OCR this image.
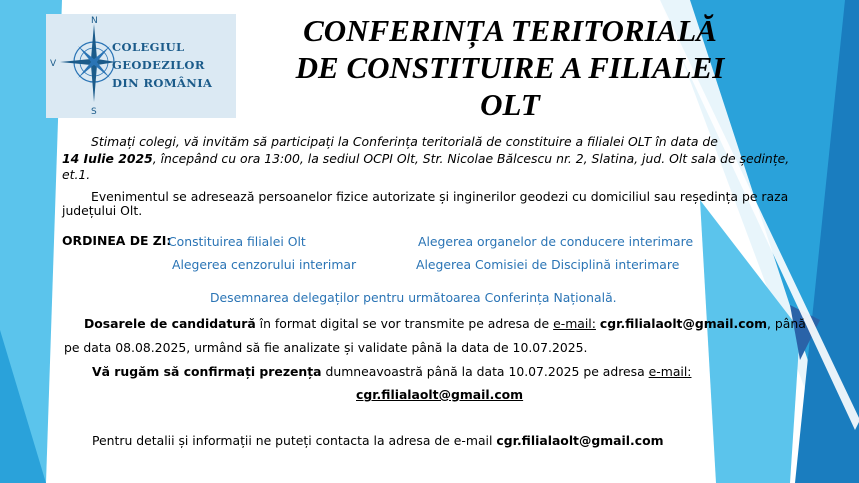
N
V
S
COLEGIUL
GEODEZILOR
DIN ROMÂNIA
CONFERINȚA TERITORIALĂ
DE CONSTITUIRE A FILIALEI
OLT
Stimați colegi, vă invităm să participați la Conferința teritorială de constituire a filialei OLT în data de
14 Iulie 2025, începând cu ora 13:00, la sediul OCPI Olt, Str. Nicolae Bălcescu nr. 2, Slatina, jud. Olt sala de ședințe,
et.1.
Evenimentul se adresează persoanelor fizice autorizate și inginerilor geodezi cu domiciliul sau reședința pe raza
județului Olt.
ORDINEA DE ZI:
Constituirea filialei Olt	Alegerea organelor de conducere interimare
Alegerea cenzorului interimar	Alegerea Comisiei de Disciplină interimare
Desemnarea delegaților pentru următoarea Conferința Națională.
Dosarele de candidatură în format digital se vor transmite pe adresa de e-mail: cgr.filialaolt@gmail.com, până
pe data 08.08.2025, urmând să fie analizate și validate până la data de 10.07.2025.
Vă rugăm să confirmați prezența dumneavoastră până la data 10.07.2025 pe adresa e-mail:
cgr.filialaolt@gmail.com
Pentru detalii și informații ne puteți contacta la adresa de e-mail cgr.filialaolt@gmail.com
